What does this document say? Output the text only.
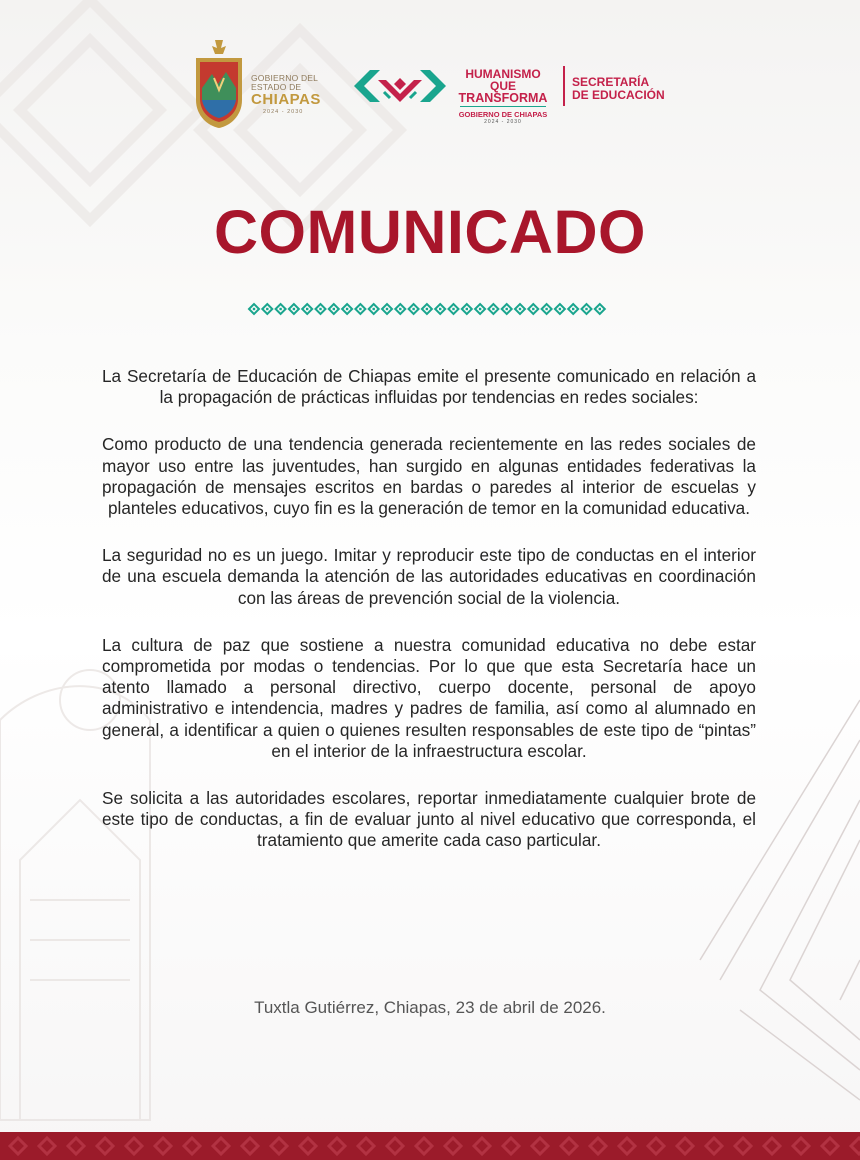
GOBIERNO DEL
ESTADO DE
CHIAPAS
2024 - 2030
HUMANISMO QUE
TRANSFORMA
GOBIERNO DE CHIAPAS
2024 - 2030
SECRETARÍA
DE EDUCACIÓN
COMUNICADO

La Secretaría de Educación de Chiapas emite el presente comunicado en relación a la propagación de prácticas influidas por tendencias en redes sociales:

Como producto de una tendencia generada recientemente en las redes sociales de mayor uso entre las juventudes, han surgido en algunas entidades federativas la propagación de mensajes escritos en bardas o paredes al interior de escuelas y planteles educativos, cuyo fin es la generación de temor en la comunidad educativa.

La seguridad no es un juego. Imitar y reproducir este tipo de conductas en el interior de una escuela demanda la atención de las autoridades educativas en coordinación con las áreas de prevención social de la violencia.

La cultura de paz que sostiene a nuestra comunidad educativa no debe estar comprometida por modas o tendencias. Por lo que que esta Secretaría hace un atento llamado a personal directivo, cuerpo docente, personal de apoyo administrativo e intendencia, madres y padres de familia, así como al alumnado en general, a identificar a quien o quienes resulten responsables de este tipo de “pintas” en el interior de la infraestructura escolar.

Se solicita a las autoridades escolares, reportar inmediatamente cualquier brote de este tipo de conductas, a fin de evaluar junto al nivel educativo que corresponda, el tratamiento que amerite cada caso particular.

Tuxtla Gutiérrez, Chiapas, 23 de abril de 2026.
